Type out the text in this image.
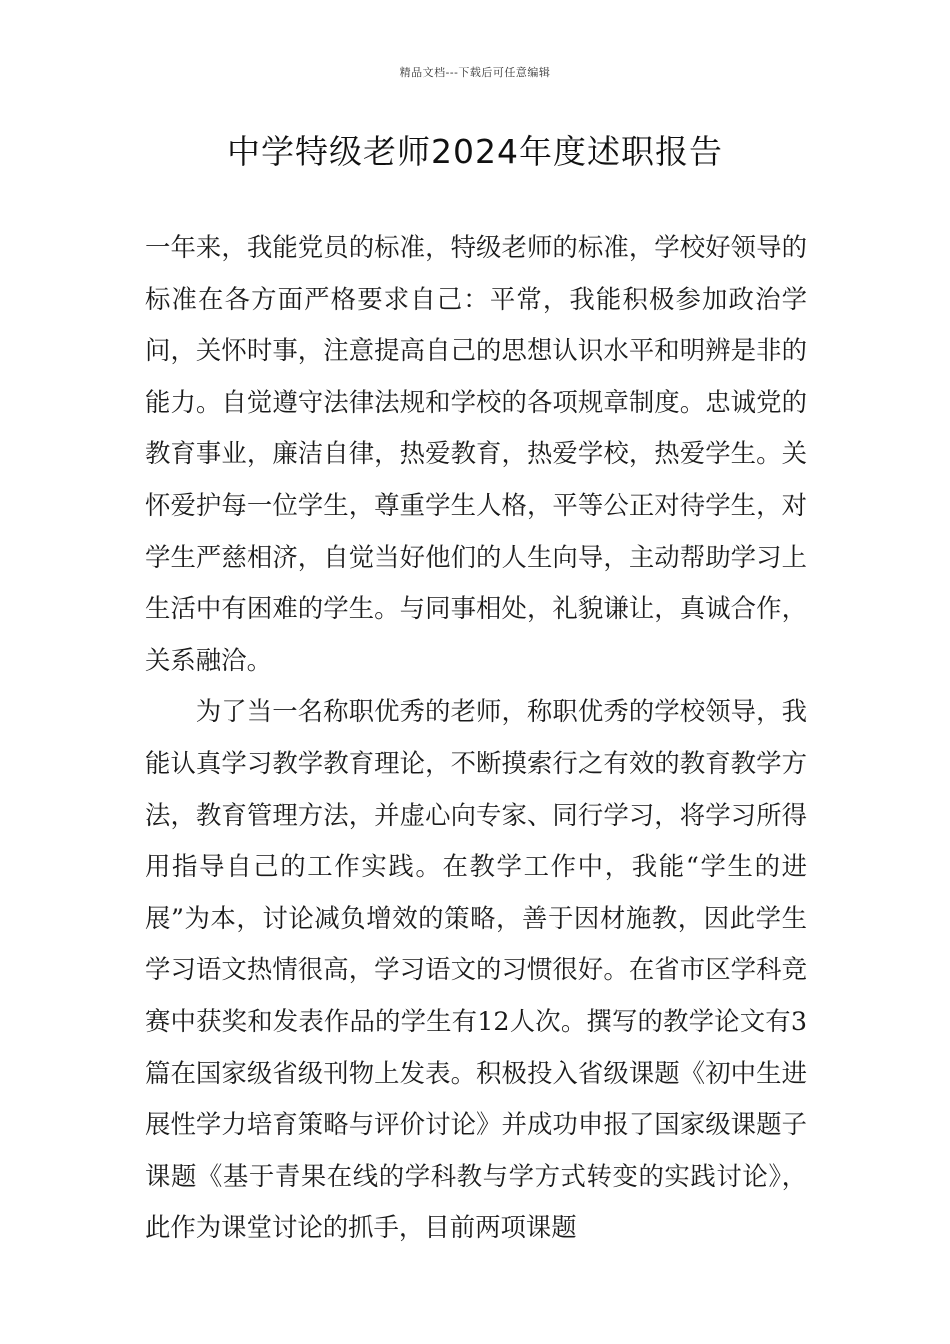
精品文档---下载后可任意编辑
中学特级老师2024年度述职报告

一年来，我能党员的标准，特级老师的标准，学校好领导的标准在各方面严格要求自己：平常，我能积极参加政治学问，关怀时事，注意提高自己的思想认识水平和明辨是非的能力。自觉遵守法律法规和学校的各项规章制度。忠诚党的教育事业，廉洁自律，热爱教育，热爱学校，热爱学生。关怀爱护每一位学生，尊重学生人格，平等公正对待学生，对学生严慈相济，自觉当好他们的人生向导，主动帮助学习上生活中有困难的学生。与同事相处，礼貌谦让，真诚合作，关系融洽。

为了当一名称职优秀的老师，称职优秀的学校领导，我能认真学习教学教育理论，不断摸索行之有效的教育教学方法，教育管理方法，并虚心向专家、同行学习，将学习所得用指导自己的工作实践。在教学工作中，我能“学生的进展”为本，讨论减负增效的策略，善于因材施教，因此学生学习语文热情很高，学习语文的习惯很好。在省市区学科竞赛中获奖和发表作品的学生有12人次。撰写的教学论文有3篇在国家级省级刊物上发表。积极投入省级课题《初中生进展性学力培育策略与评价讨论》并成功申报了国家级课题子课题《基于青果在线的学科教与学方式转变的实践讨论》，此作为课堂讨论的抓手，目前两项课题
